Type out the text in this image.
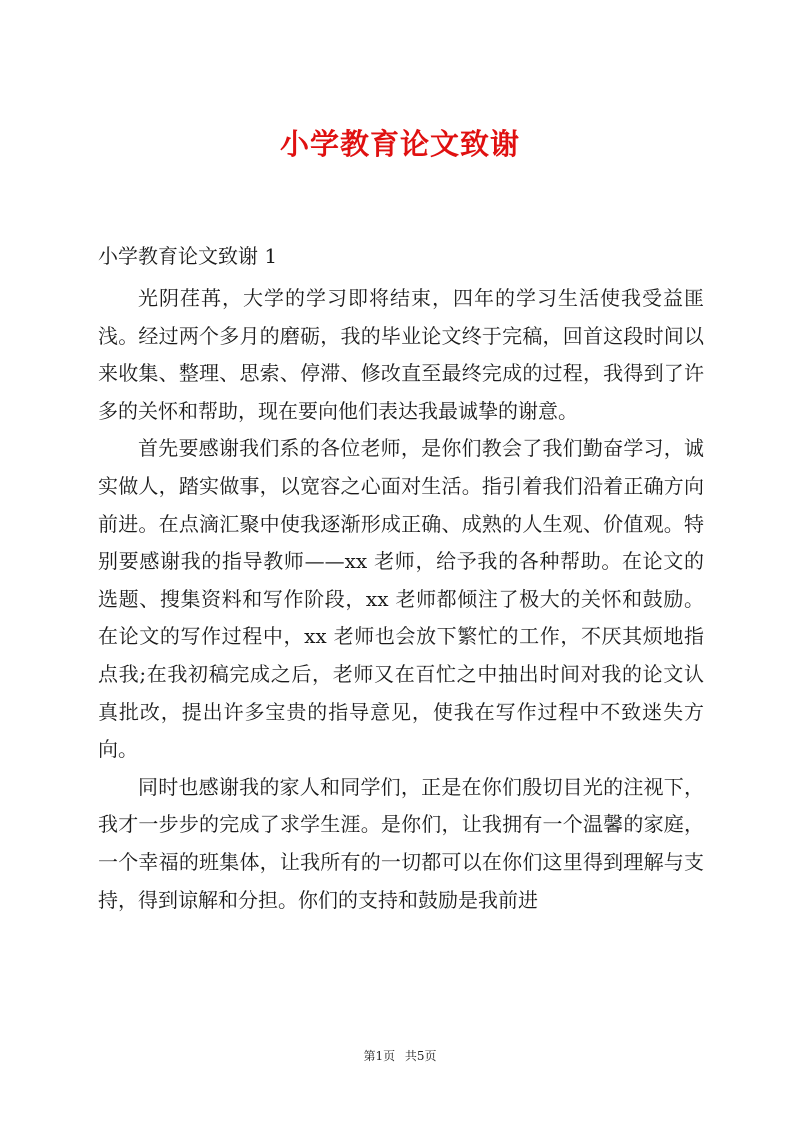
小学教育论文致谢
小学教育论文致谢 1

光阴荏苒，大学的学习即将结束，四年的学习生活使我受益匪浅。经过两个多月的磨砺，我的毕业论文终于完稿，回首这段时间以来收集、整理、思索、停滞、修改直至最终完成的过程，我得到了许多的关怀和帮助，现在要向他们表达我最诚挚的谢意。

首先要感谢我们系的各位老师，是你们教会了我们勤奋学习，诚实做人，踏实做事，以宽容之心面对生活。指引着我们沿着正确方向前进。在点滴汇聚中使我逐渐形成正确、成熟的人生观、价值观。特别要感谢我的指导教师——xx 老师，给予我的各种帮助。在论文的选题、搜集资料和写作阶段，xx 老师都倾注了极大的关怀和鼓励。在论文的写作过程中，xx 老师也会放下繁忙的工作，不厌其烦地指点我;在我初稿完成之后，老师又在百忙之中抽出时间对我的论文认真批改，提出许多宝贵的指导意见，使我在写作过程中不致迷失方向。

同时也感谢我的家人和同学们，正是在你们殷切目光的注视下，我才一步步的完成了求学生涯。是你们，让我拥有一个温馨的家庭，一个幸福的班集体，让我所有的一切都可以在你们这里得到理解与支持，得到谅解和分担。你们的支持和鼓励是我前进

第1页 共5页
